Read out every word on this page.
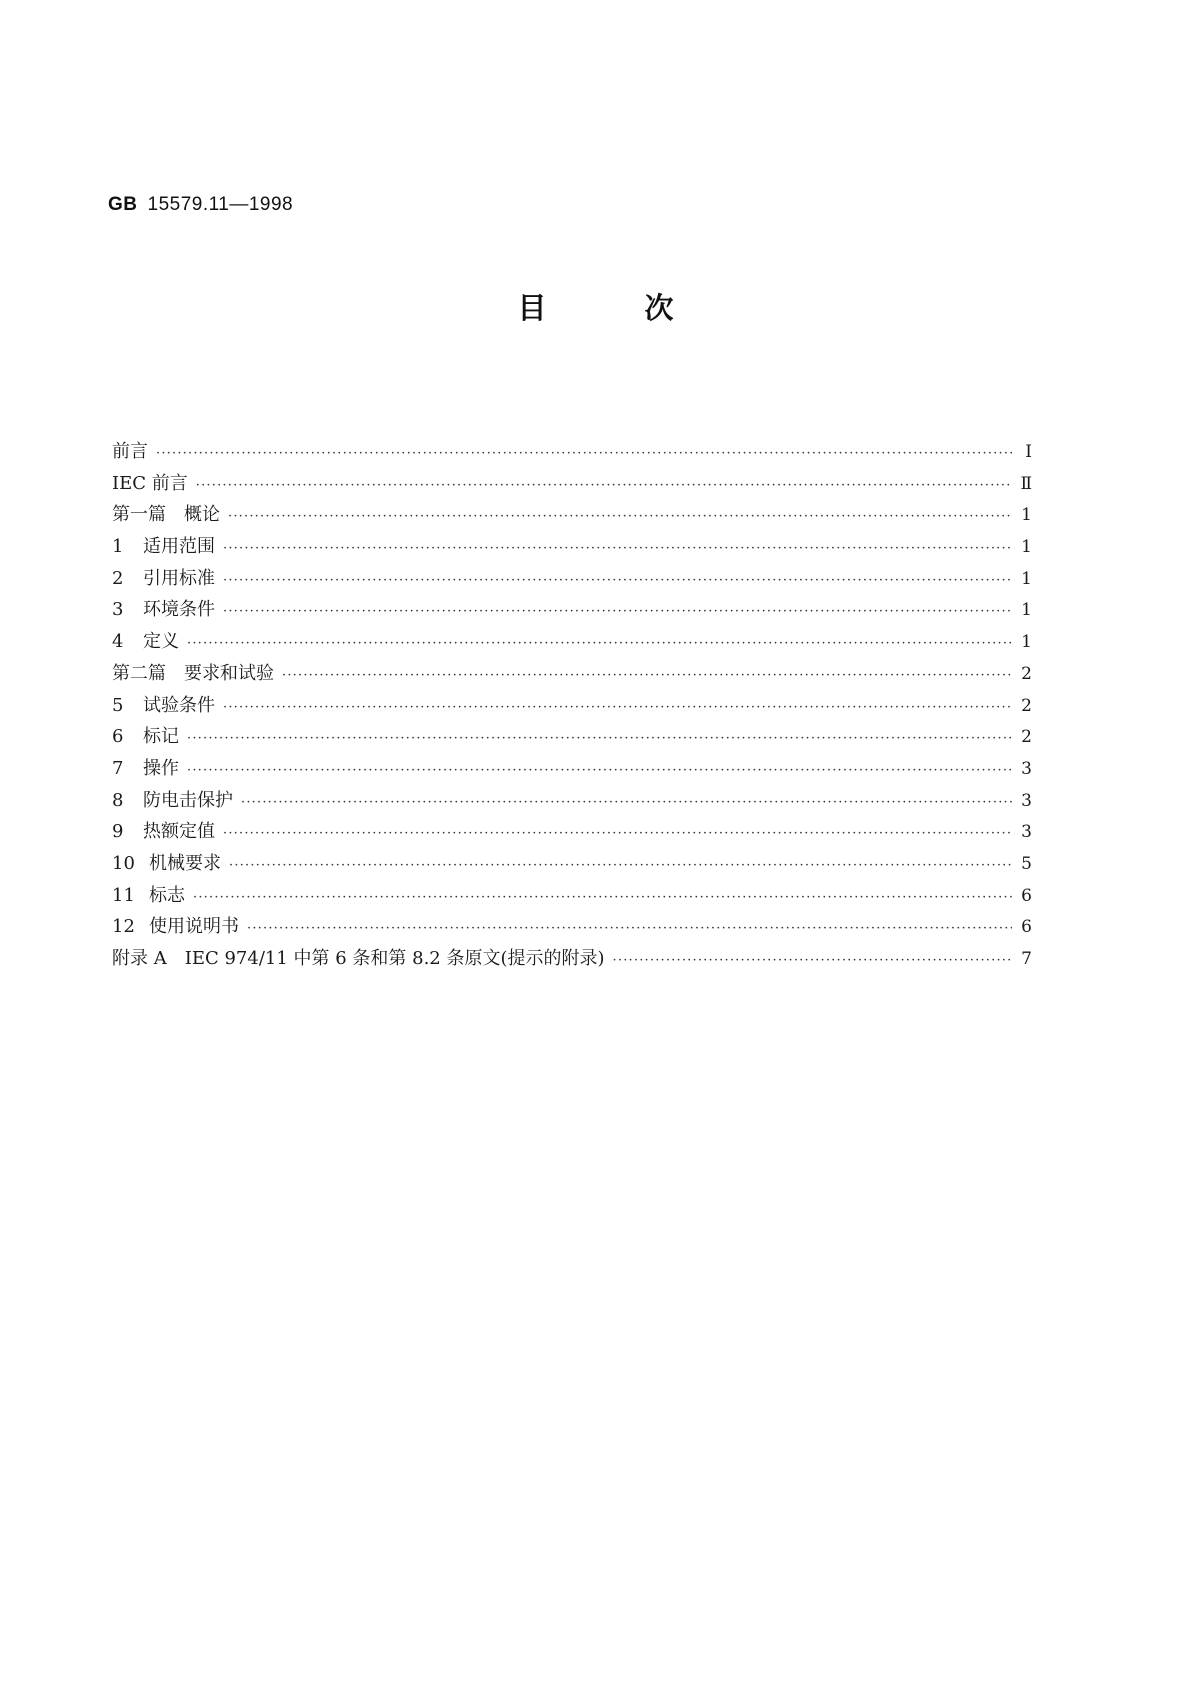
GB 15579.11—1998
目	次
前言 ·····	I
IEC 前言 ·····	Ⅱ
第一篇　概论 ·····	1
1	适用范围 ·····	1
2	引用标准 ·····	1
3	环境条件 ·····	1
4	定义 ·····	1
第二篇　要求和试验 ·····	2
5	试验条件 ·····	2
6	标记 ·····	2
7	操作 ·····	3
8	防电击保护 ·····	3
9	热额定值 ·····	3
10 机械要求 ·····	5
11 标志 ·····	6
12 使用说明书 ·····	6
附录 A　IEC 974/11 中第 6 条和第 8.2 条原文(提示的附录) ·····	7
